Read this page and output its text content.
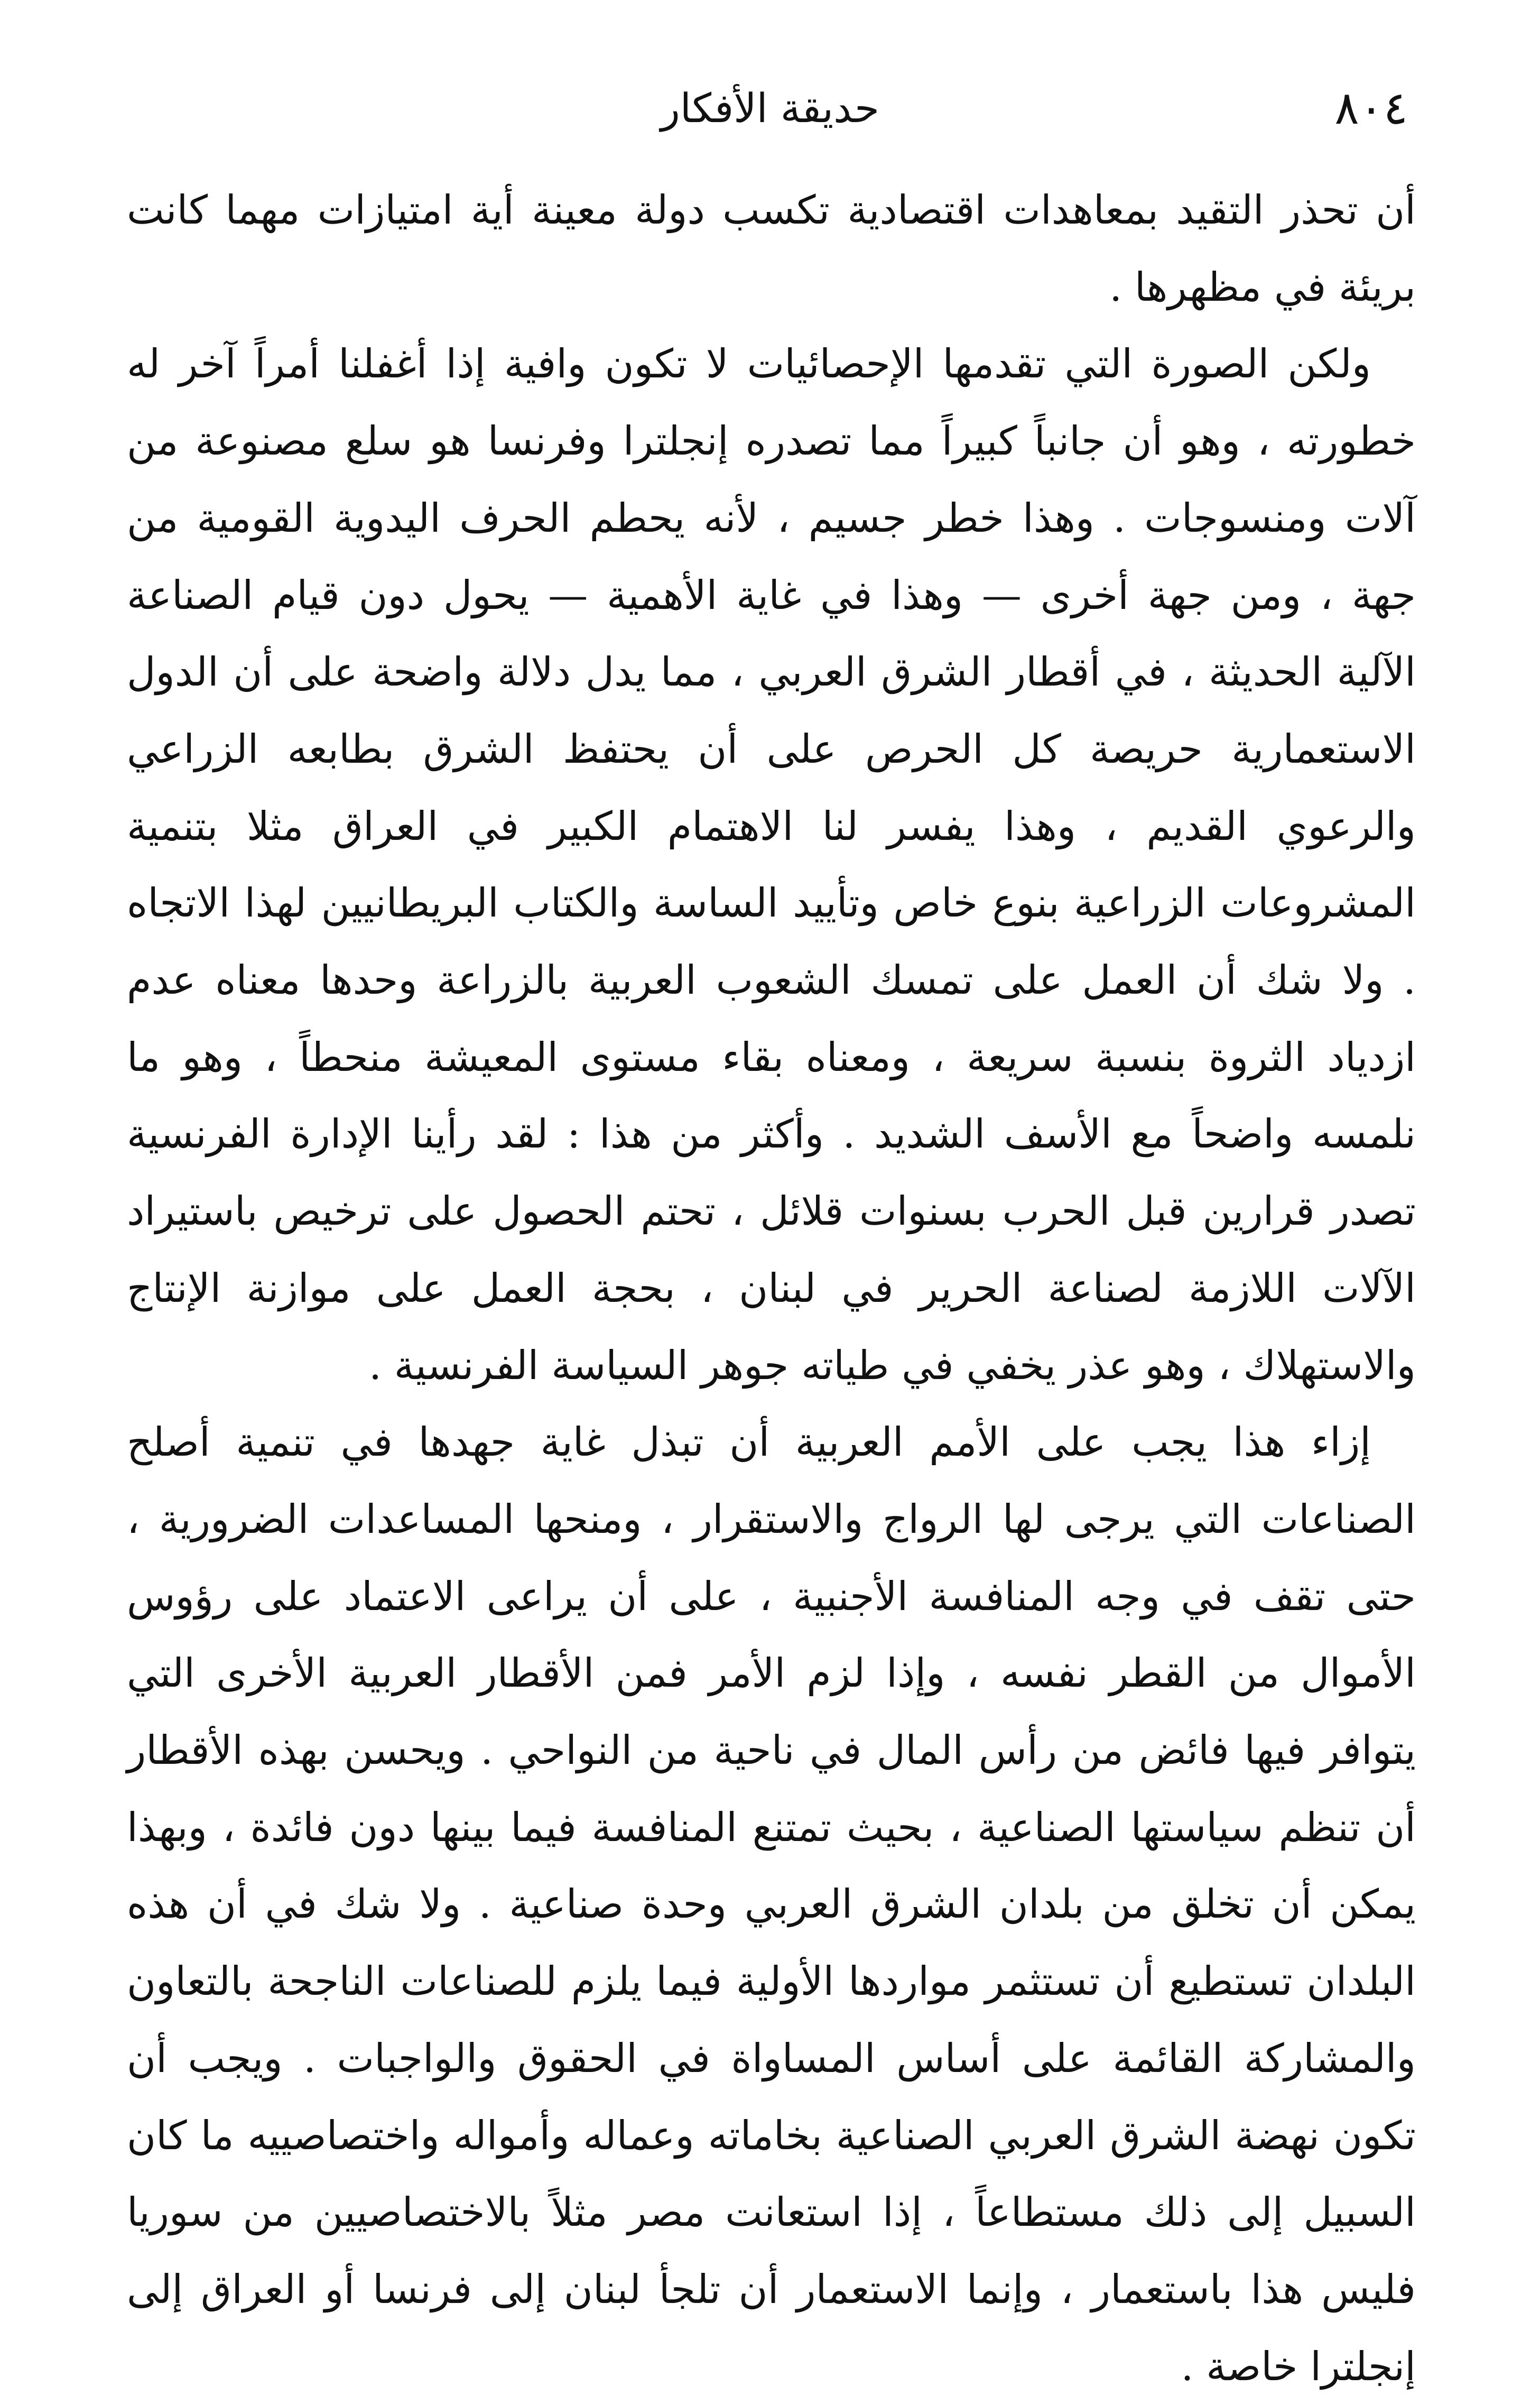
حديقة الأفكار	٨٠٤

أن تحذر التقيد بمعاهدات اقتصادية تكسب دولة معينة أية امتيازات مهما كانت بريئة في مظهرها .

ولكن الصورة التي تقدمها الإحصائيات لا تكون وافية إذا أغفلنا أمراً آخر له خطورته ، وهو أن جانباً كبيراً مما تصدره إنجلترا وفرنسا هو سلع مصنوعة من آلات ومنسوجات . وهذا خطر جسيم ، لأنه يحطم الحرف اليدوية القومية من جهة ، ومن جهة أخرى — وهذا في غاية الأهمية — يحول دون قيام الصناعة الآلية الحديثة ، في أقطار الشرق العربي ، مما يدل دلالة واضحة على أن الدول الاستعمارية حريصة كل الحرص على أن يحتفظ الشرق بطابعه الزراعي والرعوي القديم ، وهذا يفسر لنا الاهتمام الكبير في العراق مثلا بتنمية المشروعات الزراعية بنوع خاص وتأييد الساسة والكتاب البريطانيين لهذا الاتجاه . ولا شك أن العمل على تمسك الشعوب العربية بالزراعة وحدها معناه عدم ازدياد الثروة بنسبة سريعة ، ومعناه بقاء مستوى المعيشة منحطاً ، وهو ما نلمسه واضحاً مع الأسف الشديد . وأكثر من هذا : لقد رأينا الإدارة الفرنسية تصدر قرارين قبل الحرب بسنوات قلائل ، تحتم الحصول على ترخيص باستيراد الآلات اللازمة لصناعة الحرير في لبنان ، بحجة العمل على موازنة الإنتاج والاستهلاك ، وهو عذر يخفي في طياته جوهر السياسة الفرنسية .

إزاء هذا يجب على الأمم العربية أن تبذل غاية جهدها في تنمية أصلح الصناعات التي يرجى لها الرواج والاستقرار ، ومنحها المساعدات الضرورية ، حتى تقف في وجه المنافسة الأجنبية ، على أن يراعى الاعتماد على رؤوس الأموال من القطر نفسه ، وإذا لزم الأمر فمن الأقطار العربية الأخرى التي يتوافر فيها فائض من رأس المال في ناحية من النواحي . ويحسن بهذه الأقطار أن تنظم سياستها الصناعية ، بحيث تمتنع المنافسة فيما بينها دون فائدة ، وبهذا يمكن أن تخلق من بلدان الشرق العربي وحدة صناعية . ولا شك في أن هذه البلدان تستطيع أن تستثمر مواردها الأولية فيما يلزم للصناعات الناجحة بالتعاون والمشاركة القائمة على أساس المساواة في الحقوق والواجبات . ويجب أن تكون نهضة الشرق العربي الصناعية بخاماته وعماله وأمواله واختصاصييه ما كان السبيل إلى ذلك مستطاعاً ، إذا استعانت مصر مثلاً بالاختصاصيين من سوريا فليس هذا باستعمار ، وإنما الاستعمار أن تلجأ لبنان إلى فرنسا أو العراق إلى إنجلترا خاصة .
